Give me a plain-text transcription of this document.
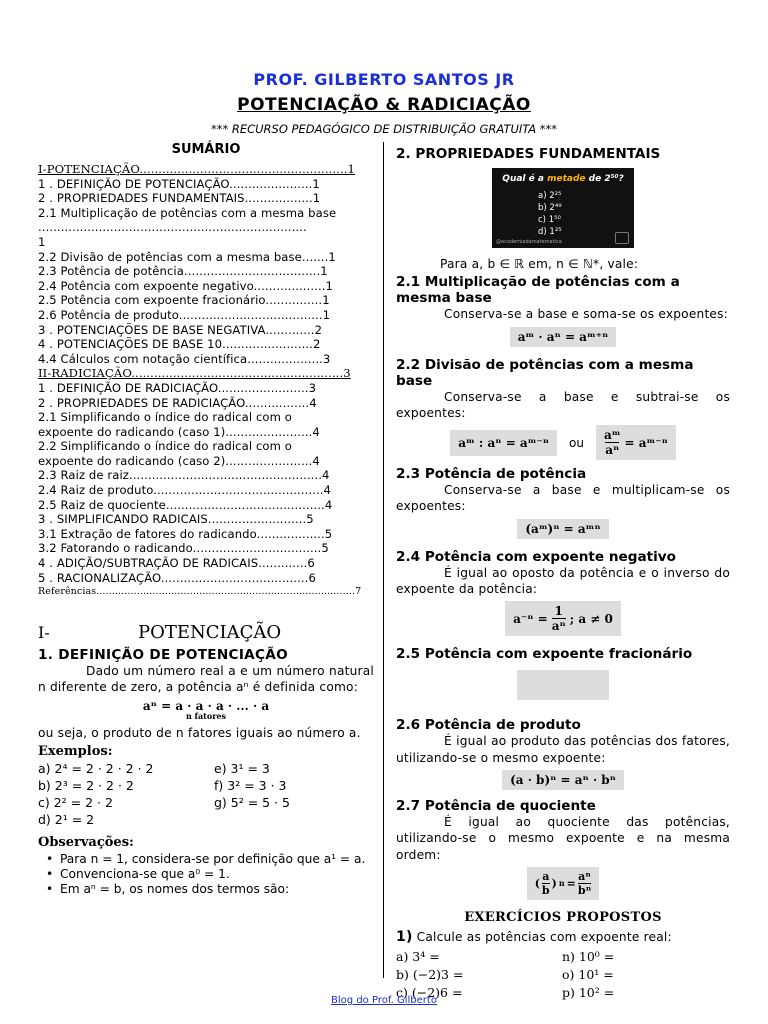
PROF. GILBERTO SANTOS JR
POTENCIAÇÃO & RADICIAÇÃO
*** RECURSO PEDAGÓGICO DE DISTRIBUIÇÃO GRATUITA ***
SUMÁRIO
I-POTENCIAÇÃO.......................................................1
1 . DEFINIÇÃO DE POTENCIAÇÃO......................1
2 . PROPRIEDADES FUNDAMENTAIS..................1
2.1 Multiplicação de potências com a mesma base
.......................................................................
1
2.2 Divisão de potências com a mesma base.......1
2.3 Potência de potência....................................1
2.4 Potência com expoente negativo...................1
2.5 Potência com expoente fracionário...............1
2.6 Potência de produto......................................1
3 . POTENCIAÇÕES DE BASE NEGATIVA.............2
4 . POTENCIAÇÕES DE BASE 10........................2
4.4 Cálculos com notação científica....................3
II-RADICIAÇÃO........................................................3
1 . DEFINIÇÃO DE RADICIAÇÃO........................3
2 . PROPRIEDADES DE RADICIAÇÃO.................4
2.1 Simplificando o índice do radical com o
expoente do radicando (caso 1).......................4
2.2 Simplificando o índice do radical com o
expoente do radicando (caso 2).......................4
2.3 Raiz de raiz...................................................4
2.4 Raiz de produto.............................................4
2.5 Raiz de quociente..........................................4
3 . SIMPLIFICANDO RADICAIS..........................5
3.1 Extração de fatores do radicando..................5
3.2 Fatorando o radicando..................................5
4 . ADIÇÃO/SUBTRAÇÃO DE RADICAIS.............6
5 . RACIONALIZAÇÃO.......................................6
Referências...................................................................................7
I-	POTENCIAÇÃO
1. DEFINIÇÃO DE POTENCIAÇÃO

Dado um número real a e um número natural n diferente de zero, a potência aⁿ é definida como:

aⁿ = a · a · a · ... · a
n fatores

ou seja, o produto de n fatores iguais ao número a.

Exemplos:
a) 2⁴ = 2 · 2 · 2 · 2	e) 3¹ = 3
b) 2³ = 2 · 2 · 2	f) 3² = 3 · 3
c) 2² = 2 · 2	g) 5² = 5 · 5
d) 2¹ = 2
Observações:
• Para n = 1, considera-se por definição que a¹ = a.
• Convenciona-se que a⁰ = 1.
• Em aⁿ = b, os nomes dos termos são:
2. PROPRIEDADES FUNDAMENTAIS
Qual é a metade de 2⁵⁰?
a) 2²⁵
b) 2⁴⁹
c) 1⁵⁰
d) 1²⁵
@academiadamatematica

Para a, b ∈ ℝ em, n ∈ ℕ*, vale:

2.1 Multiplicação de potências com a mesma base

Conserva-se a base e soma-se os expoentes:

aᵐ · aⁿ = aᵐ⁺ⁿ
2.2 Divisão de potências com a mesma base

Conserva-se a base e subtrai-se os expoentes:

aᵐ : aⁿ = aᵐ⁻ⁿ	ou $\frac{\text{aᵐ}}{\text{aⁿ}}$ = aᵐ⁻ⁿ
2.3 Potência de potência

Conserva-se a base e multiplicam-se os expoentes:

(aᵐ)ⁿ = aᵐⁿ
2.4 Potência com expoente negativo

É igual ao oposto da potência e o inverso do expoente da potência:

$a^{-n} = \frac{1}{\text{aⁿ}}$ ; a ≠ 0
2.5 Potência com expoente fracionário
2.6 Potência de produto

É igual ao produto das potências dos fatores, utilizando-se o mesmo expoente:

(a · b)ⁿ = aⁿ · bⁿ
2.7 Potência de quociente

É igual ao quociente das potências, utilizando-se o mesmo expoente e na mesma ordem:

( $\frac{a}{b}$ ) $n = \frac{\text{aⁿ}}{\text{bⁿ}}$
EXERCÍCIOS PROPOSTOS

1) Calcule as potências com expoente real:

a) 3⁴ =	n) 10⁰ =
b) (−2)3 =	o) 10¹ =
c) (−2)6 =	p) 10² =
Blog do Prof. Gilberto
